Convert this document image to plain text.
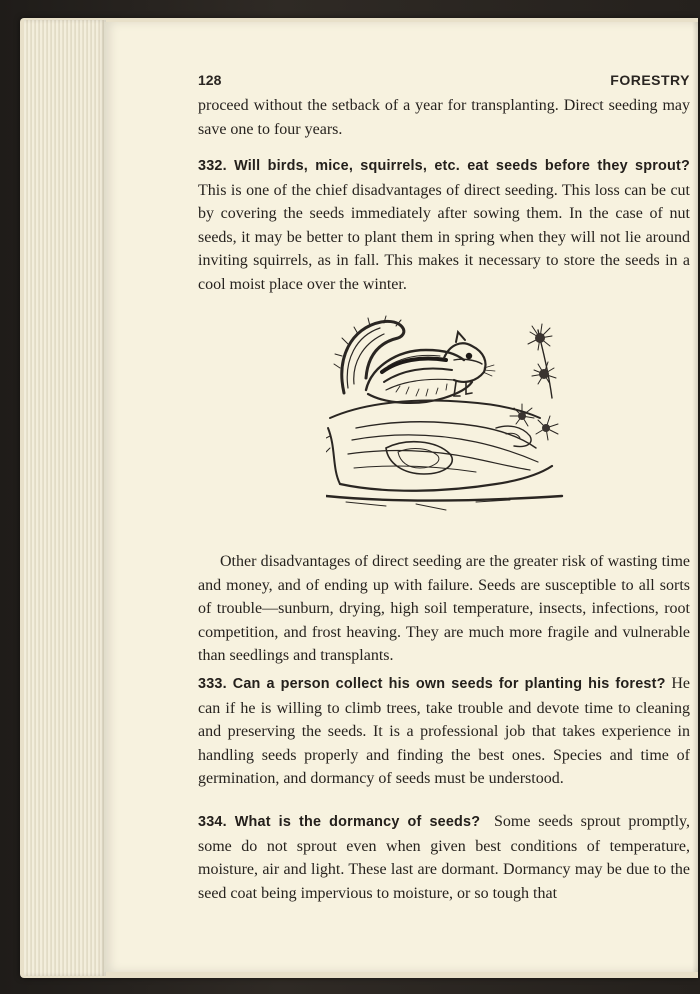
128	FORESTRY

proceed without the setback of a year for transplanting. Direct seeding may save one to four years.

332. Will birds, mice, squirrels, etc. eat seeds before they sprout? This is one of the chief disadvantages of direct seeding. This loss can be cut by covering the seeds immediately after sowing them. In the case of nut seeds, it may be better to plant them in spring when they will not lie around inviting squirrels, as in fall. This makes it necessary to store the seeds in a cool moist place over the winter.

Other disadvantages of direct seeding are the greater risk of wasting time and money, and of ending up with failure. Seeds are susceptible to all sorts of trouble—sunburn, drying, high soil temperature, insects, infections, root competition, and frost heaving. They are much more fragile and vulnerable than seedlings and transplants.

333. Can a person collect his own seeds for planting his forest? He can if he is willing to climb trees, take trouble and devote time to cleaning and preserving the seeds. It is a professional job that takes experience in handling seeds properly and finding the best ones. Species and time of germination, and dormancy of seeds must be understood.

334. What is the dormancy of seeds? Some seeds sprout promptly, some do not sprout even when given best conditions of temperature, moisture, air and light. These last are dormant. Dormancy may be due to the seed coat being impervious to moisture, or so tough that
